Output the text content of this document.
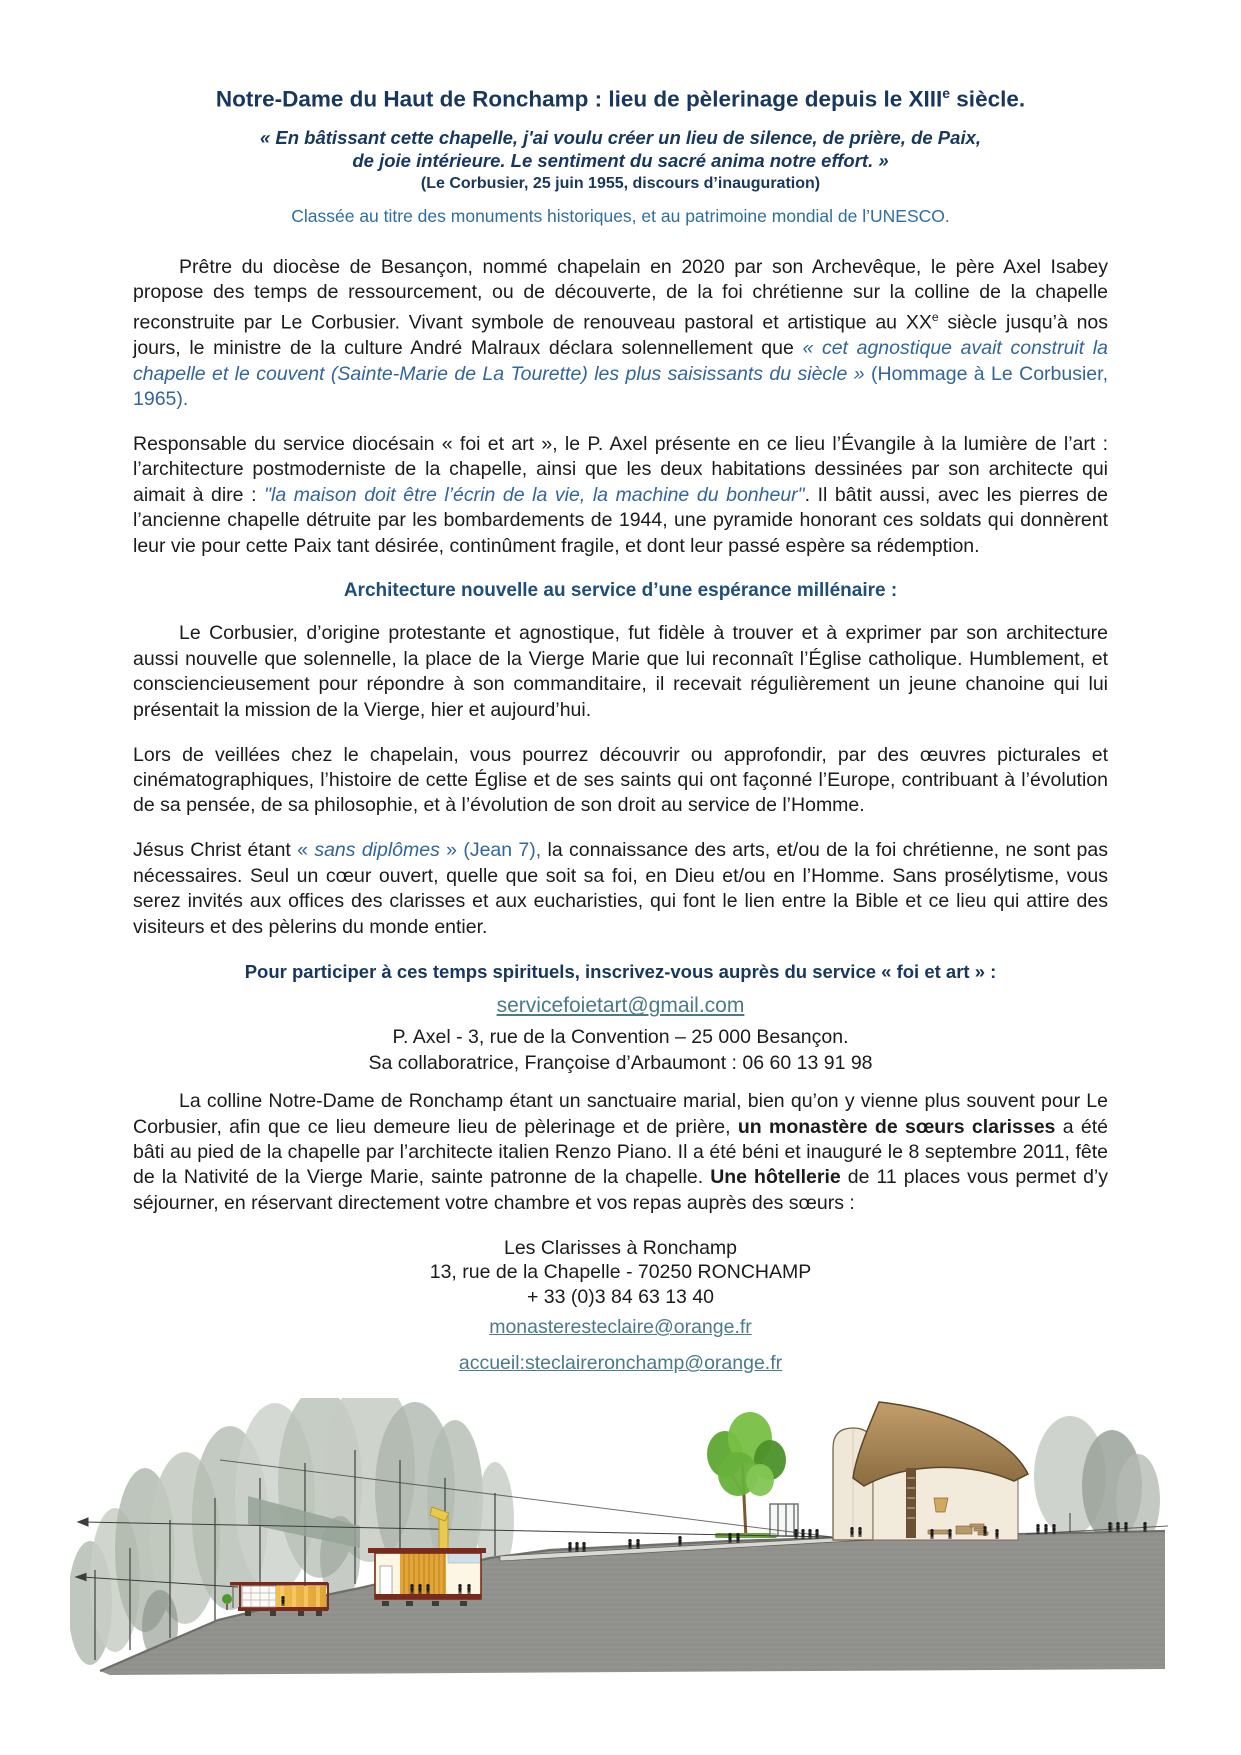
Notre-Dame du Haut de Ronchamp : lieu de pèlerinage depuis le XIIIe siècle.
« En bâtissant cette chapelle, j'ai voulu créer un lieu de silence, de prière, de Paix,
de joie intérieure. Le sentiment du sacré anima notre effort. »
(Le Corbusier, 25 juin 1955, discours d’inauguration)
Classée au titre des monuments historiques, et au patrimoine mondial de l’UNESCO.

Prêtre du diocèse de Besançon, nommé chapelain en 2020 par son Archevêque, le père Axel Isabey propose des temps de ressourcement, ou de découverte, de la foi chrétienne sur la colline de la chapelle reconstruite par Le Corbusier. Vivant symbole de renouveau pastoral et artistique au XXe siècle jusqu’à nos jours, le ministre de la culture André Malraux déclara solennellement que « cet agnostique avait construit la chapelle et le couvent (Sainte-Marie de La Tourette) les plus saisissants du siècle » (Hommage à Le Corbusier, 1965).

Responsable du service diocésain « foi et art », le P. Axel présente en ce lieu l’Évangile à la lumière de l’art : l’architecture postmoderniste de la chapelle, ainsi que les deux habitations dessinées par son architecte qui aimait à dire : "la maison doit être l’écrin de la vie, la machine du bonheur". Il bâtit aussi, avec les pierres de l’ancienne chapelle détruite par les bombardements de 1944, une pyramide honorant ces soldats qui donnèrent leur vie pour cette Paix tant désirée, continûment fragile, et dont leur passé espère sa rédemption.

Architecture nouvelle au service d’une espérance millénaire :

Le Corbusier, d’origine protestante et agnostique, fut fidèle à trouver et à exprimer par son architecture aussi nouvelle que solennelle, la place de la Vierge Marie que lui reconnaît l’Église catholique. Humblement, et consciencieusement pour répondre à son commanditaire, il recevait régulièrement un jeune chanoine qui lui présentait la mission de la Vierge, hier et aujourd’hui.

Lors de veillées chez le chapelain, vous pourrez découvrir ou approfondir, par des œuvres picturales et cinématographiques, l’histoire de cette Église et de ses saints qui ont façonné l’Europe, contribuant à l’évolution de sa pensée, de sa philosophie, et à l’évolution de son droit au service de l’Homme.

Jésus Christ étant « sans diplômes » (Jean 7), la connaissance des arts, et/ou de la foi chrétienne, ne sont pas nécessaires. Seul un cœur ouvert, quelle que soit sa foi, en Dieu et/ou en l’Homme. Sans prosélytisme, vous serez invités aux offices des clarisses et aux eucharisties, qui font le lien entre la Bible et ce lieu qui attire des visiteurs et des pèlerins du monde entier.

Pour participer à ces temps spirituels, inscrivez-vous auprès du service « foi et art » :
servicefoietart@gmail.com
P. Axel - 3, rue de la Convention – 25 000 Besançon.
Sa collaboratrice, Françoise d’Arbaumont : 06 60 13 91 98

La colline Notre-Dame de Ronchamp étant un sanctuaire marial, bien qu’on y vienne plus souvent pour Le Corbusier, afin que ce lieu demeure lieu de pèlerinage et de prière, un monastère de sœurs clarisses a été bâti au pied de la chapelle par l’architecte italien Renzo Piano. Il a été béni et inauguré le 8 septembre 2011, fête de la Nativité de la Vierge Marie, sainte patronne de la chapelle. Une hôtellerie de 11 places vous permet d’y séjourner, en réservant directement votre chambre et vos repas auprès des sœurs :

Les Clarisses à Ronchamp
13, rue de la Chapelle - 70250 RONCHAMP
+ 33 (0)3 84 63 13 40
monasteresteclaire@orange.fr
accueil:steclaireronchamp@orange.fr
